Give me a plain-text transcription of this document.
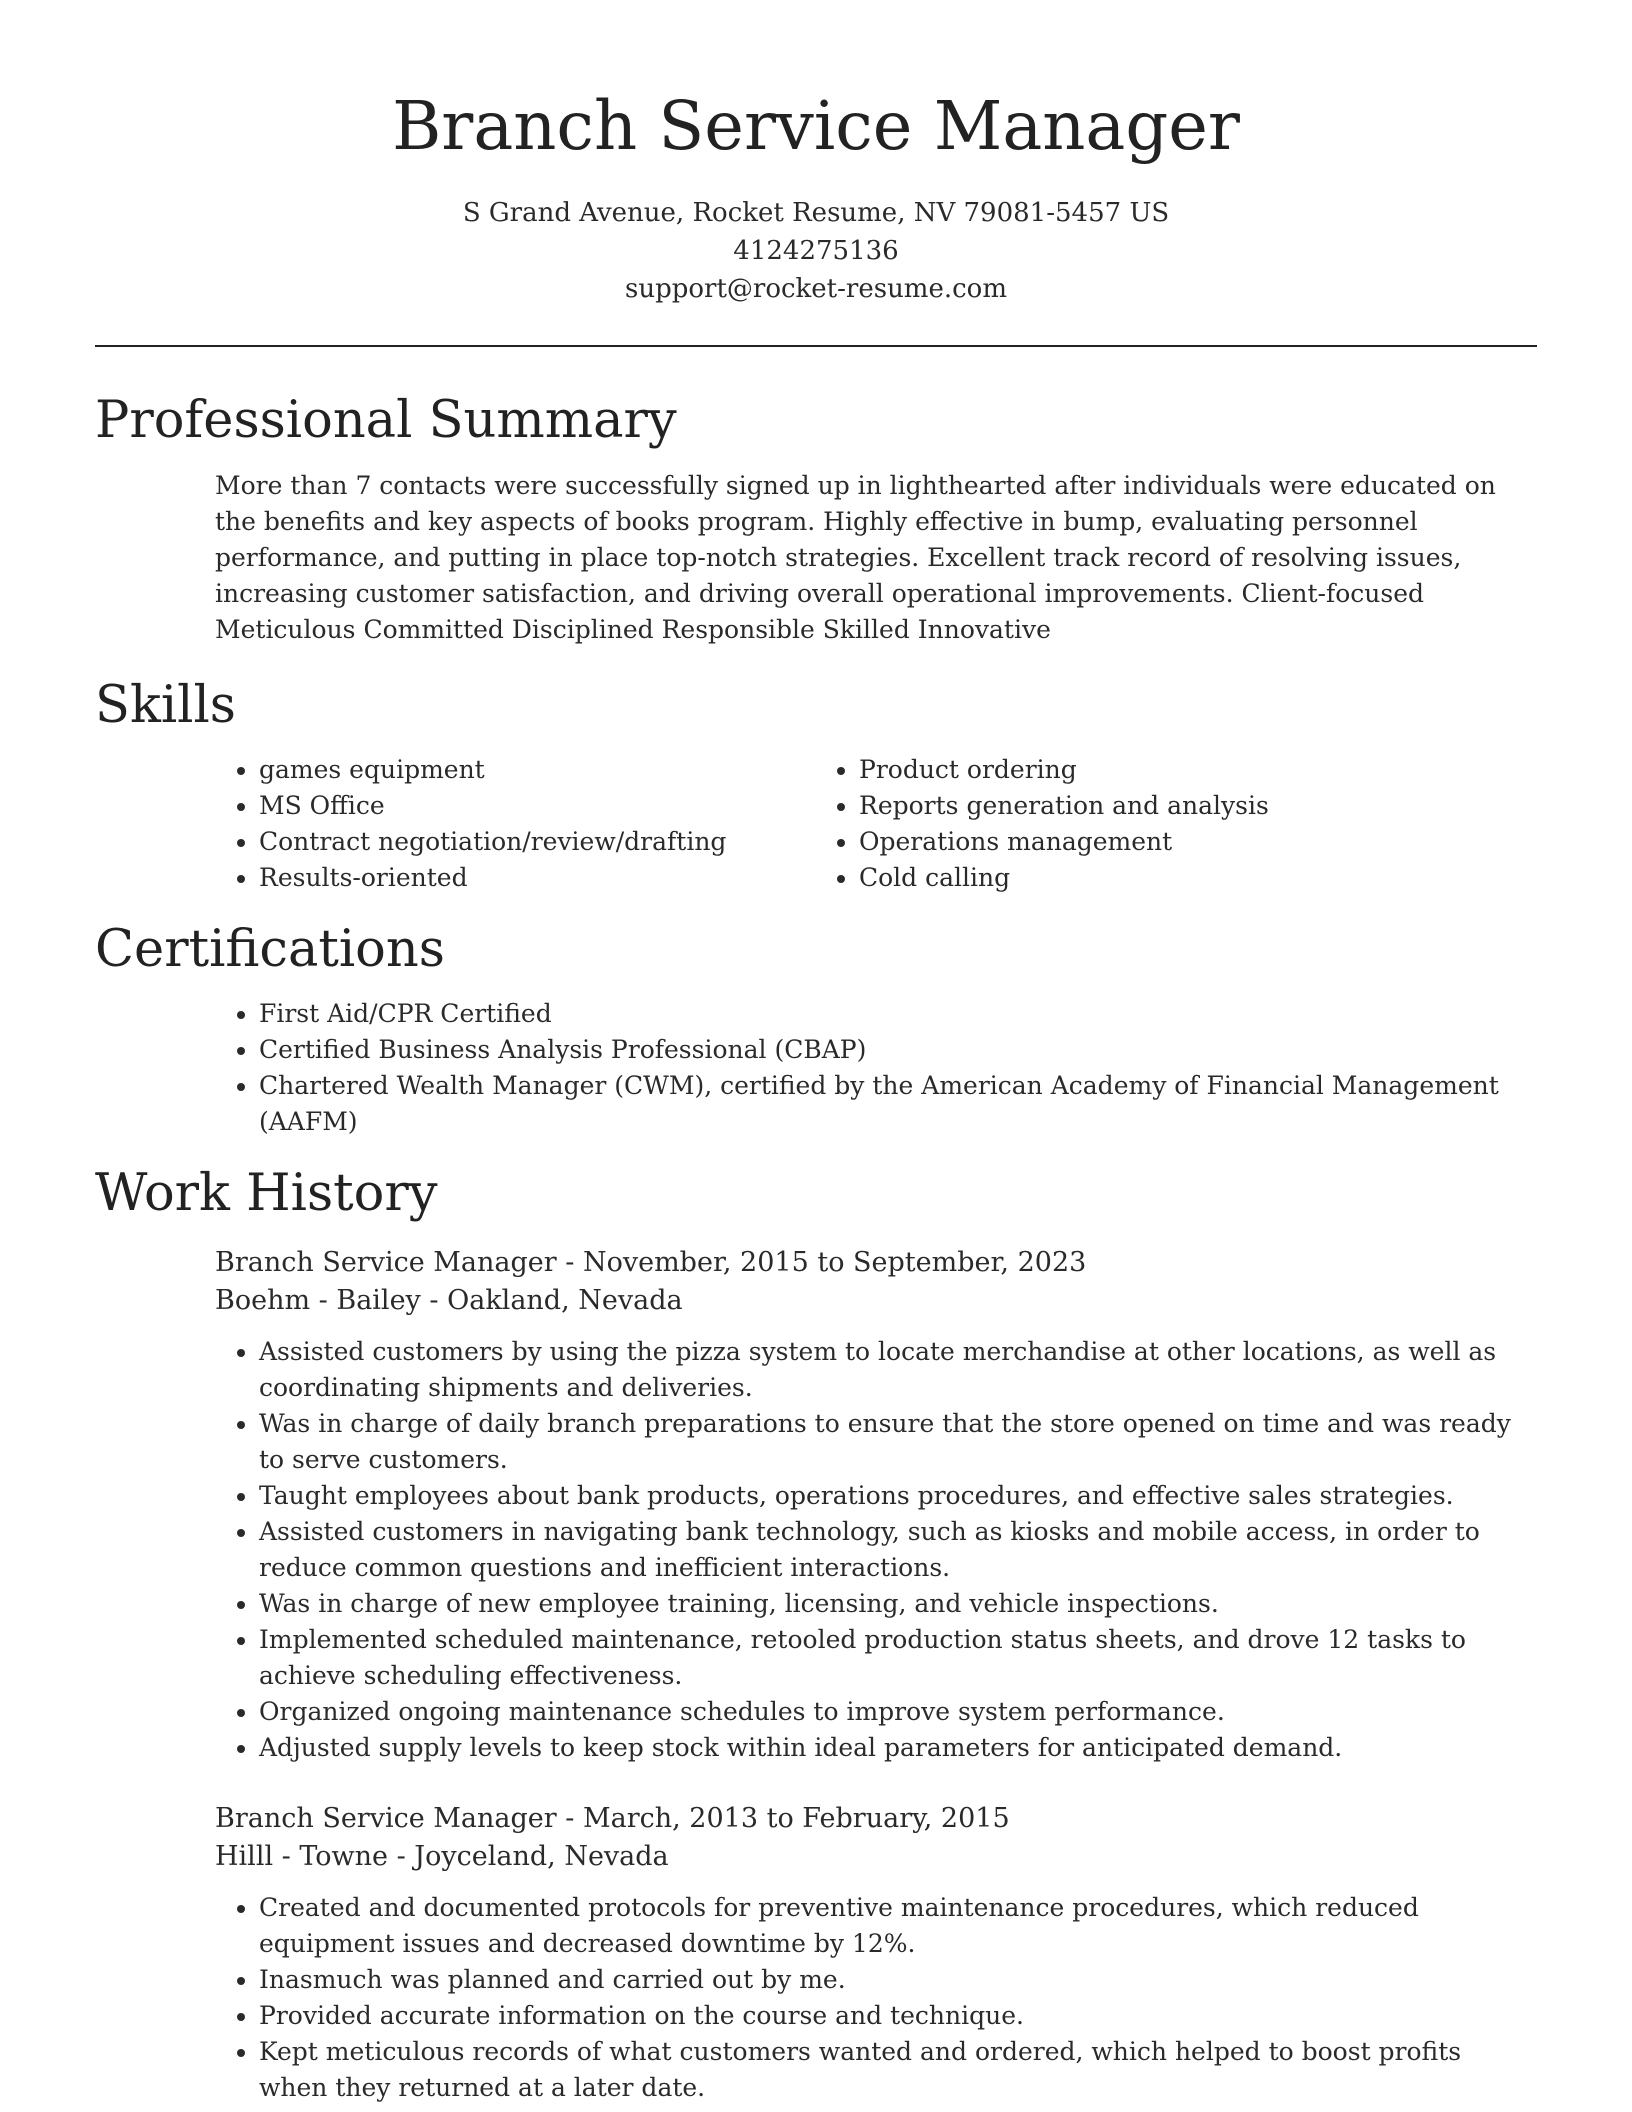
Branch Service Manager
S Grand Avenue, Rocket Resume, NV 79081-5457 US
4124275136
support@rocket-resume.com
Professional Summary

More than 7 contacts were successfully signed up in lighthearted after individuals were educated on the benefits and key aspects of books program. Highly effective in bump, evaluating personnel performance, and putting in place top-notch strategies. Excellent track record of resolving issues, increasing customer satisfaction, and driving overall operational improvements. Client-focused Meticulous Committed Disciplined Responsible Skilled Innovative

Skills
• games equipment
• MS Office
• Contract negotiation/review/drafting
• Results-oriented
• Product ordering
• Reports generation and analysis
• Operations management
• Cold calling
Certifications
• First Aid/CPR Certified
• Certified Business Analysis Professional (CBAP)
• Chartered Wealth Manager (CWM), certified by the American Academy of Financial Management (AAFM)
Work History
Branch Service Manager - November, 2015 to September, 2023
Boehm - Bailey - Oakland, Nevada
• Assisted customers by using the pizza system to locate merchandise at other locations, as well as coordinating shipments and deliveries.
• Was in charge of daily branch preparations to ensure that the store opened on time and was ready to serve customers.
• Taught employees about bank products, operations procedures, and effective sales strategies.
• Assisted customers in navigating bank technology, such as kiosks and mobile access, in order to reduce common questions and inefficient interactions.
• Was in charge of new employee training, licensing, and vehicle inspections.
• Implemented scheduled maintenance, retooled production status sheets, and drove 12 tasks to achieve scheduling effectiveness.
• Organized ongoing maintenance schedules to improve system performance.
• Adjusted supply levels to keep stock within ideal parameters for anticipated demand.
Branch Service Manager - March, 2013 to February, 2015
Hilll - Towne - Joyceland, Nevada
• Created and documented protocols for preventive maintenance procedures, which reduced equipment issues and decreased downtime by 12%.
• Inasmuch was planned and carried out by me.
• Provided accurate information on the course and technique.
• Kept meticulous records of what customers wanted and ordered, which helped to boost profits when they returned at a later date.
